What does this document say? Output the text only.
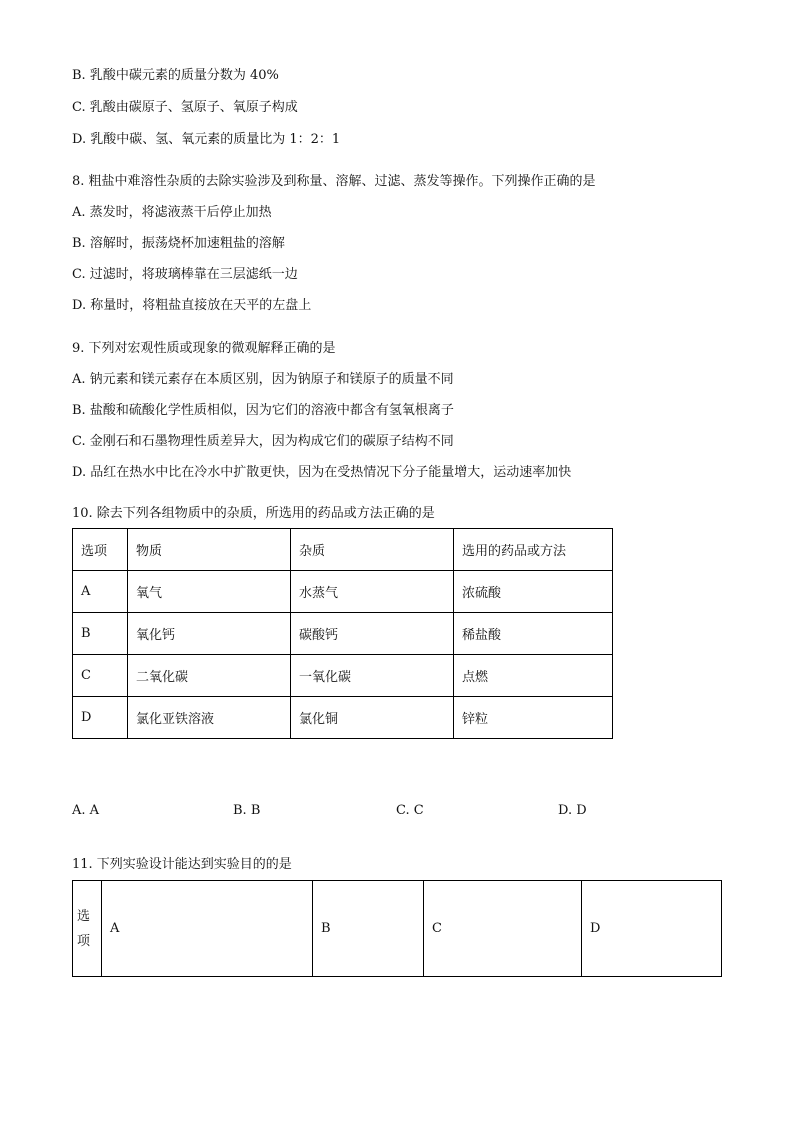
B. 乳酸中碳元素的质量分数为 40%
C. 乳酸由碳原子、氢原子、氧原子构成
D. 乳酸中碳、氢、氧元素的质量比为 1：2：1
8. 粗盐中难溶性杂质的去除实验涉及到称量、溶解、过滤、蒸发等操作。下列操作正确的是
A. 蒸发时，将滤液蒸干后停止加热
B. 溶解时，振荡烧杯加速粗盐的溶解
C. 过滤时，将玻璃棒靠在三层滤纸一边
D. 称量时，将粗盐直接放在天平的左盘上
9. 下列对宏观性质或现象的微观解释正确的是
A. 钠元素和镁元素存在本质区别，因为钠原子和镁原子的质量不同
B. 盐酸和硫酸化学性质相似，因为它们的溶液中都含有氢氧根离子
C. 金刚石和石墨物理性质差异大，因为构成它们的碳原子结构不同
D. 品红在热水中比在冷水中扩散更快，因为在受热情况下分子能量增大，运动速率加快
10. 除去下列各组物质中的杂质，所选用的药品或方法正确的是
选项	物质	杂质	选用的药品或方法
A	氧气	水蒸气	浓硫酸
B	氧化钙	碳酸钙	稀盐酸
C	二氧化碳	一氧化碳	点燃
D	氯化亚铁溶液	氯化铜	锌粒
A. A	B. B	C. C	D. D
11. 下列实验设计能达到实验目的的是
选
项	A	B	C	D
